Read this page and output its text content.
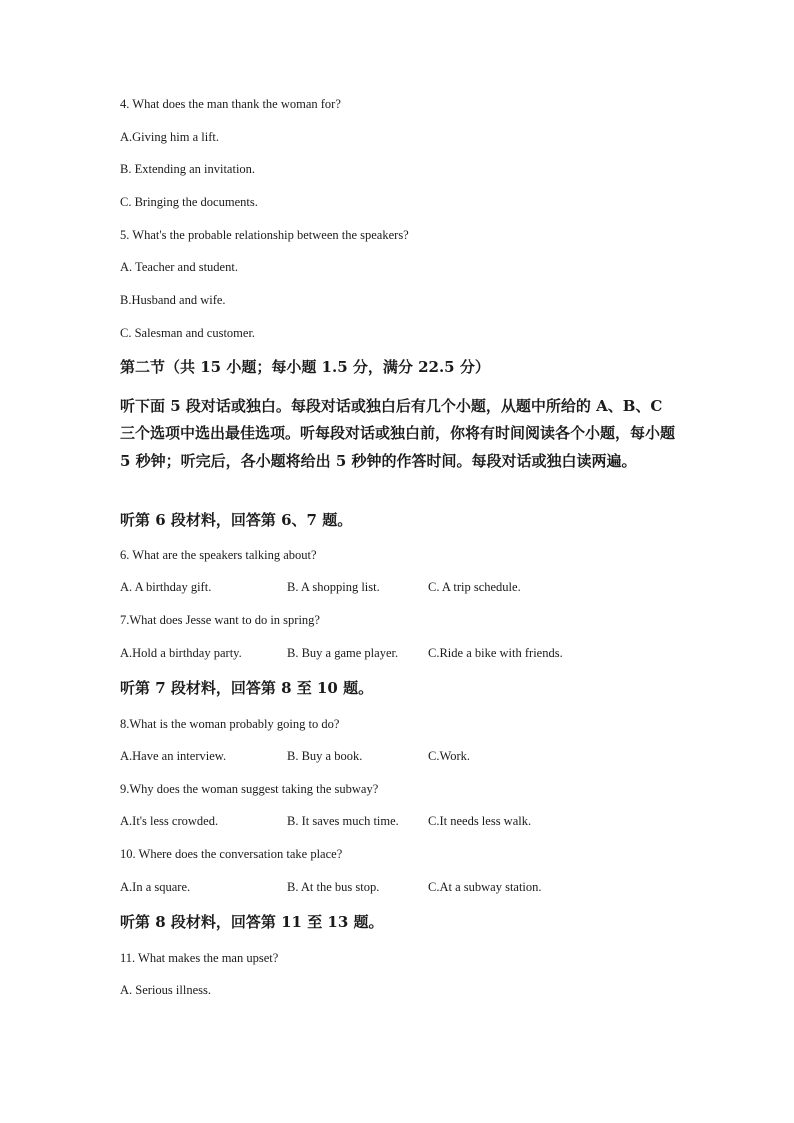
4. What does the man thank the woman for?
A.Giving him a lift.
B. Extending an invitation.
C. Bringing the documents.
5. What's the probable relationship between the speakers?
A. Teacher and student.
B.Husband and wife.
C. Salesman and customer.
第二节（共 15 小题；每小题 1.5 分，满分 22.5 分）
听下面 5 段对话或独白。每段对话或独白后有几个小题，从题中所给的 A、B、C 三个选项中选出最佳选项。听每段对话或独白前，你将有时间阅读各个小题，每小题 5 秒钟；听完后，各小题将给出 5 秒钟的作答时间。每段对话或独白读两遍。
听第 6 段材料，回答第 6、7 题。
6. What are the speakers talking about?
A. A birthday gift.	B. A shopping list.	C. A trip schedule.
7.What does Jesse want to do in spring?
A.Hold a birthday party.	B. Buy a game player. C.Ride a bike with friends.
听第 7 段材料，回答第 8 至 10 题。
8.What is the woman probably going to do?
A.Have an interview.	B. Buy a book.	C.Work.
9.Why does the woman suggest taking the subway?
A.It's less crowded.	B. It saves much time. C.It needs less walk.
10. Where does the conversation take place?
A.In a square.	B. At the bus stop.	C.At a subway station.
听第 8 段材料，回答第 11 至 13 题。
11. What makes the man upset?
A. Serious illness.
